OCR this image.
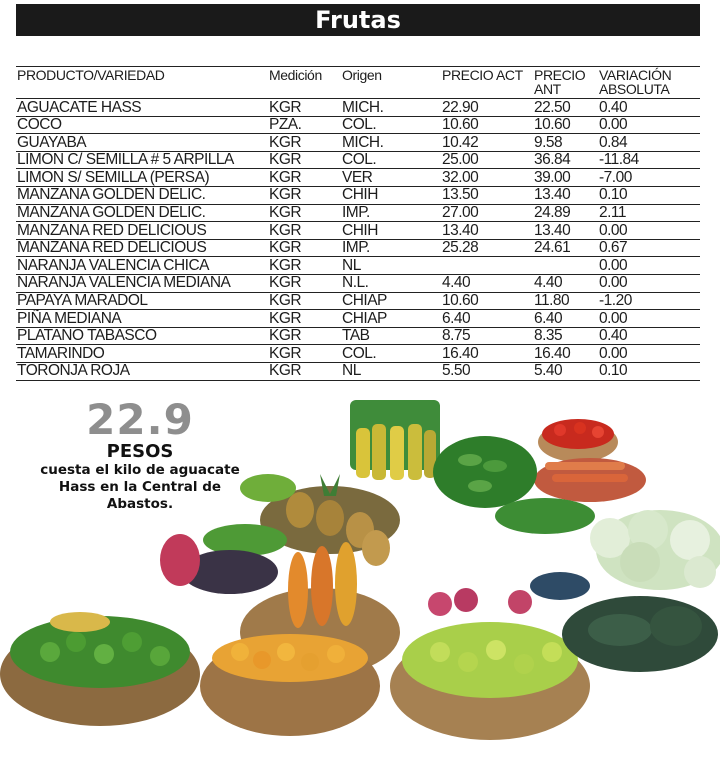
Frutas
PRODUCTO/VARIEDAD	Medición	Origen	PRECIO ACT	PRECIO ANT	VARIACIÓN ABSOLUTA
AGUACATE HASS	KGR	MICH.	22.90	22.50	0.40
COCO	PZA.	COL.	10.60	10.60	0.00
GUAYABA	KGR	MICH.	10.42	9.58	0.84
LIMON C/ SEMILLA # 5 ARPILLA	KGR	COL.	25.00	36.84	-11.84
LIMON S/ SEMILLA (PERSA)	KGR	VER	32.00	39.00	-7.00
MANZANA GOLDEN DELIC.	KGR	CHIH	13.50	13.40	0.10
MANZANA GOLDEN DELIC.	KGR	IMP.	27.00	24.89	2.11
MANZANA RED DELICIOUS	KGR	CHIH	13.40	13.40	0.00
MANZANA RED DELICIOUS	KGR	IMP.	25.28	24.61	0.67
NARANJA VALENCIA CHICA	KGR	NL			0.00
NARANJA VALENCIA MEDIANA	KGR	N.L.	4.40	4.40	0.00
PAPAYA MARADOL	KGR	CHIAP	10.60	11.80	-1.20
PIÑA MEDIANA	KGR	CHIAP	6.40	6.40	0.00
PLATANO TABASCO	KGR	TAB	8.75	8.35	0.40
TAMARINDO	KGR	COL.	16.40	16.40	0.00
TORONJA ROJA	KGR	NL	5.50	5.40	0.10
22.9
PESOS
cuesta el kilo de aguacate Hass en la Central de Abastos.
